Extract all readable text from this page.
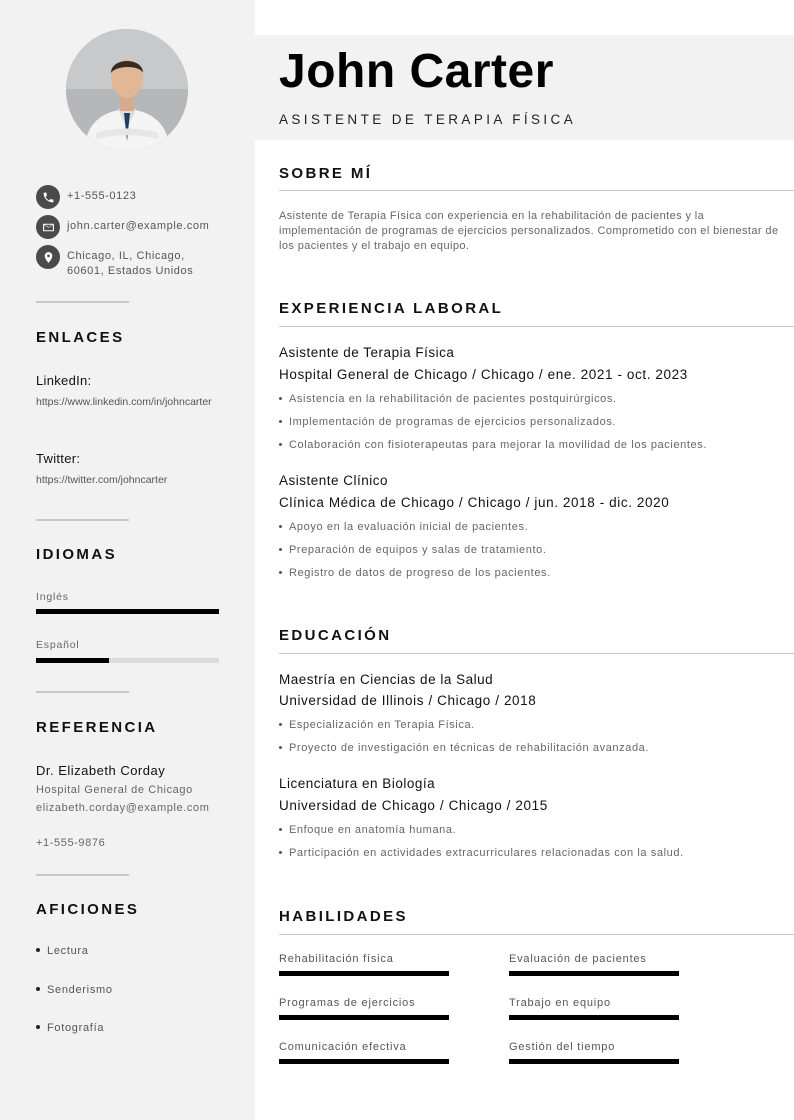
+1-555-0123
john.carter@example.com
Chicago, IL, Chicago, 60601, Estados Unidos
ENLACES
LinkedIn:
https://www.linkedin.com/in/johncarter
Twitter:
https://twitter.com/johncarter
IDIOMAS
Inglés
Español
REFERENCIA
Dr. Elizabeth Corday
Hospital General de Chicago
elizabeth.corday@example.com
+1-555-9876
AFICIONES
Lectura
Senderismo
Fotografía
John Carter
ASISTENTE DE TERAPIA FÍSICA
SOBRE MÍ
Asistente de Terapia Física con experiencia en la rehabilitación de pacientes y la implementación de programas de ejercicios personalizados. Comprometido con el bienestar de los pacientes y el trabajo en equipo.
EXPERIENCIA LABORAL
Asistente de Terapia Física
Hospital General de Chicago / Chicago / ene. 2021 - oct. 2023
Asistencia en la rehabilitación de pacientes postquirúrgicos.
Implementación de programas de ejercicios personalizados.
Colaboración con fisioterapeutas para mejorar la movilidad de los pacientes.
Asistente Clínico
Clínica Médica de Chicago / Chicago / jun. 2018 - dic. 2020
Apoyo en la evaluación inicial de pacientes.
Preparación de equipos y salas de tratamiento.
Registro de datos de progreso de los pacientes.
EDUCACIÓN
Maestría en Ciencias de la Salud
Universidad de Illinois / Chicago / 2018
Especialización en Terapia Física.
Proyecto de investigación en técnicas de rehabilitación avanzada.
Licenciatura en Biología
Universidad de Chicago / Chicago / 2015
Enfoque en anatomía humana.
Participación en actividades extracurriculares relacionadas con la salud.
HABILIDADES
Rehabilitación física	Evaluación de pacientes
Programas de ejercicios	Trabajo en equipo
Comunicación efectiva	Gestión del tiempo
